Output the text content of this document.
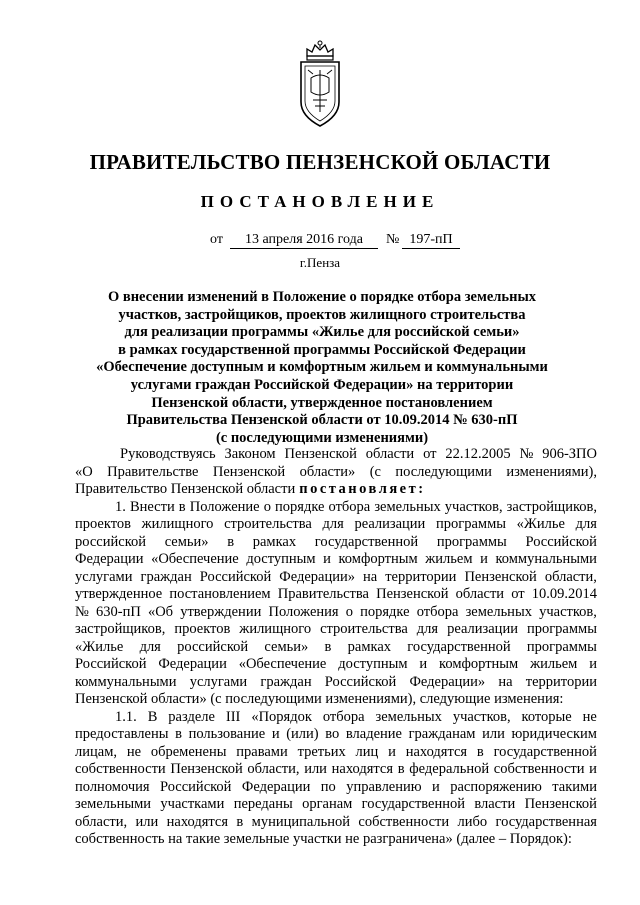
ПРАВИТЕЛЬСТВО ПЕНЗЕНСКОЙ ОБЛАСТИ
ПОСТАНОВЛЕНИЕ
от	13 апреля 2016 года	№ 197-пП
г.Пенза
О внесении изменений в Положение о порядке отбора земельных
участков, застройщиков, проектов жилищного строительства
для реализации программы «Жилье для российской семьи»
в рамках государственной программы Российской Федерации
«Обеспечение доступным и комфортным жильем и коммунальными
услугами граждан Российской Федерации» на территории
Пензенской области, утвержденное постановлением
Правительства Пензенской области от 10.09.2014 № 630-пП
(с последующими изменениями)
Руководствуясь Законом Пензенской области от 22.12.2005 № 906-ЗПО
«О Правительстве Пензенской области» (с последующими изменениями),
Правительство Пензенской области постановляет:
1. Внести в Положение о порядке отбора земельных участков, застройщиков,
проектов жилищного строительства для реализации программы «Жилье для
российской семьи» в рамках государственной программы Российской
Федерации «Обеспечение доступным и комфортным жильем и коммунальными
услугами граждан Российской Федерации» на территории Пензенской области,
утвержденное постановлением Правительства Пензенской области от 10.09.2014
№ 630-пП «Об утверждении Положения о порядке отбора земельных участков,
застройщиков, проектов жилищного строительства для реализации программы
«Жилье для российской семьи» в рамках государственной программы
Российской Федерации «Обеспечение доступным и комфортным жильем и
коммунальными услугами граждан Российской Федерации» на территории
Пензенской области» (с последующими изменениями), следующие изменения:
1.1. В разделе III «Порядок отбора земельных участков, которые не
предоставлены в пользование и (или) во владение гражданам или юридическим
лицам, не обременены правами третьих лиц и находятся в государственной
собственности Пензенской области, или находятся в федеральной собственности и
полномочия Российской Федерации по управлению и распоряжению такими
земельными участками переданы органам государственной власти Пензенской
области, или находятся в муниципальной собственности либо государственная
собственность на такие земельные участки не разграничена» (далее – Порядок):
